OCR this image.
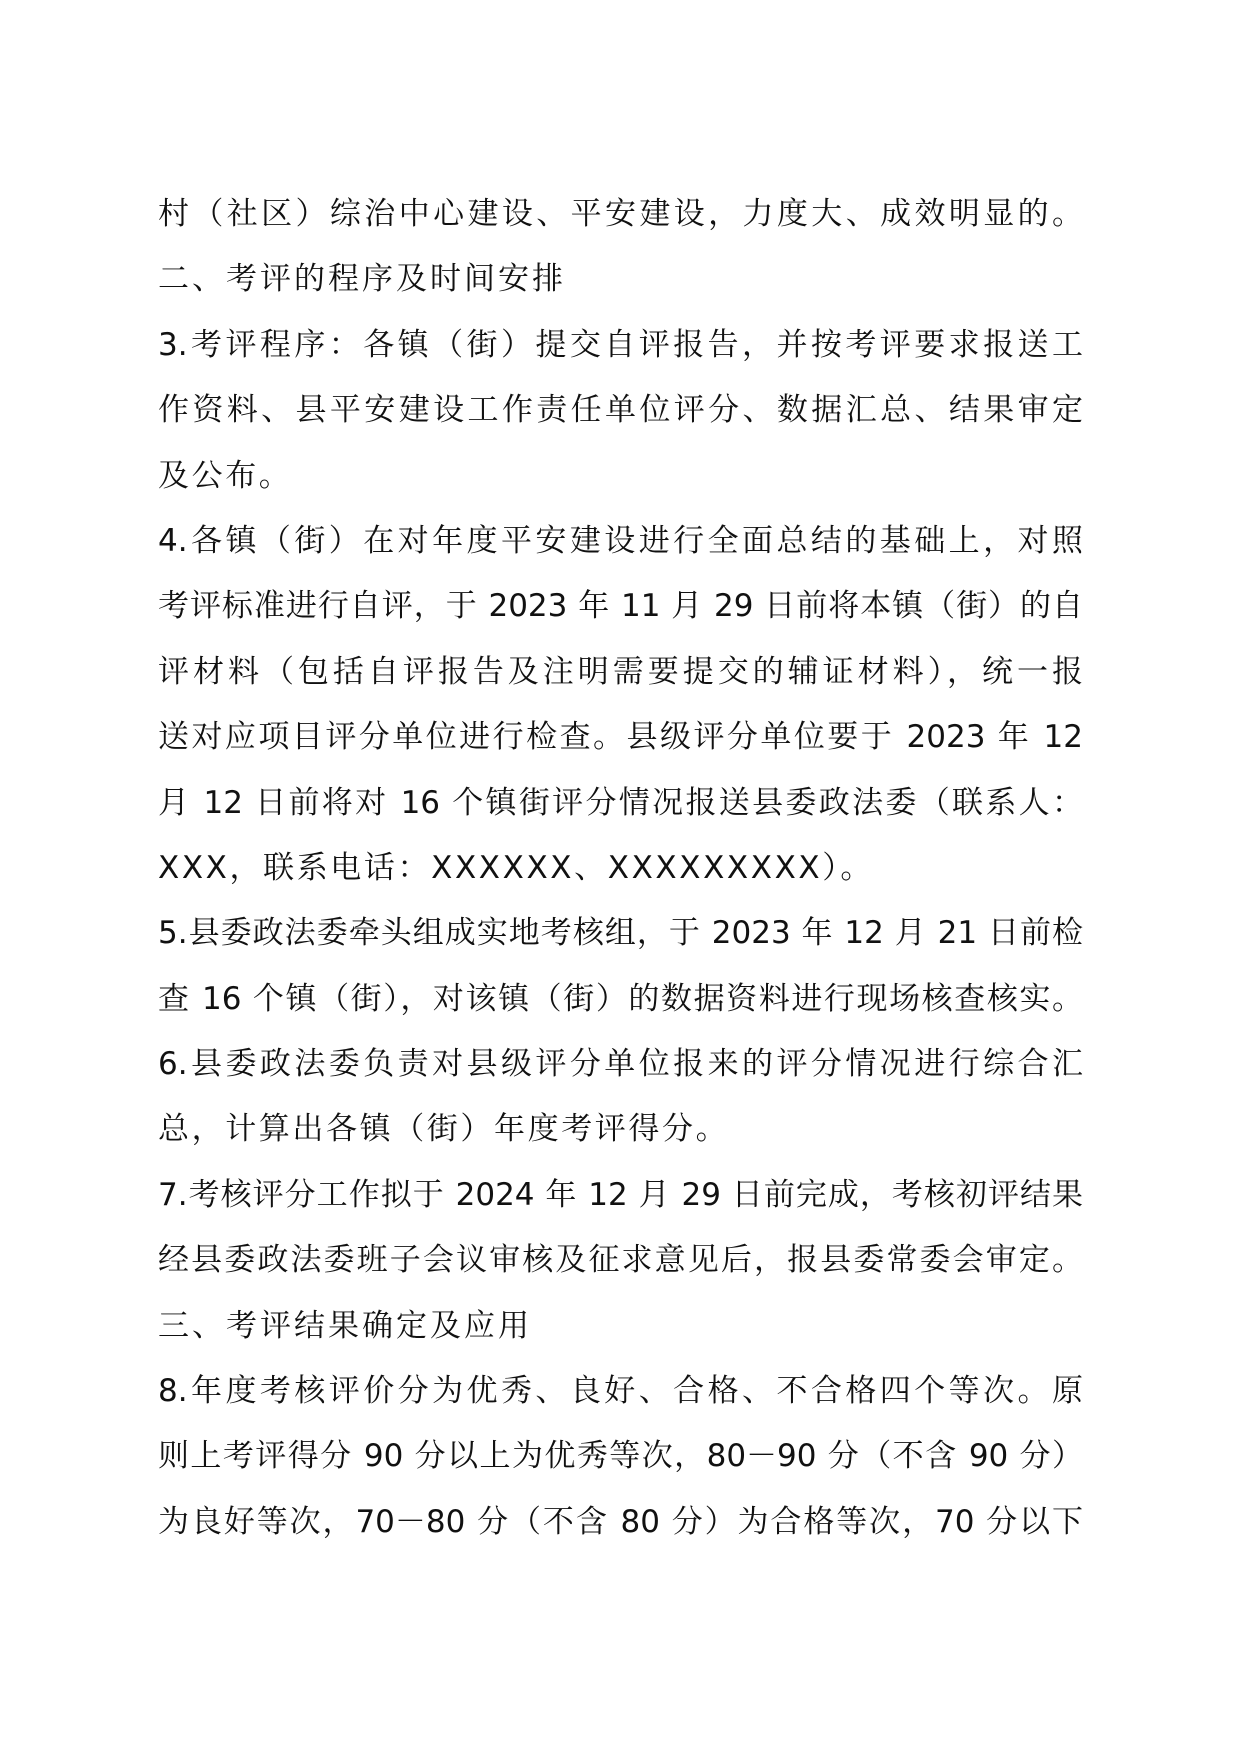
村（社区）综治中心建设、平安建设，力度大、成效明显的。
二、考评的程序及时间安排
3.考评程序：各镇（街）提交自评报告，并按考评要求报送工
作资料、县平安建设工作责任单位评分、数据汇总、结果审定
及公布。
4.各镇（街）在对年度平安建设进行全面总结的基础上，对照
考评标准进行自评，于 2023 年 11 月 29 日前将本镇（街）的自
评材料（包括自评报告及注明需要提交的辅证材料），统一报
送对应项目评分单位进行检查。县级评分单位要于 2023 年 12
月 12 日前将对 16 个镇街评分情况报送县委政法委（联系人：
XXX，联系电话：XXXXXX、XXXXXXXXX）。
5.县委政法委牵头组成实地考核组，于 2023 年 12 月 21 日前检
查 16 个镇（街），对该镇（街）的数据资料进行现场核查核实。
6.县委政法委负责对县级评分单位报来的评分情况进行综合汇
总，计算出各镇（街）年度考评得分。
7.考核评分工作拟于 2024 年 12 月 29 日前完成，考核初评结果
经县委政法委班子会议审核及征求意见后，报县委常委会审定。
三、考评结果确定及应用
8.年度考核评价分为优秀、良好、合格、不合格四个等次。原
则上考评得分 90 分以上为优秀等次，80－90 分（不含 90 分）
为良好等次，70－80 分（不含 80 分）为合格等次，70 分以下
